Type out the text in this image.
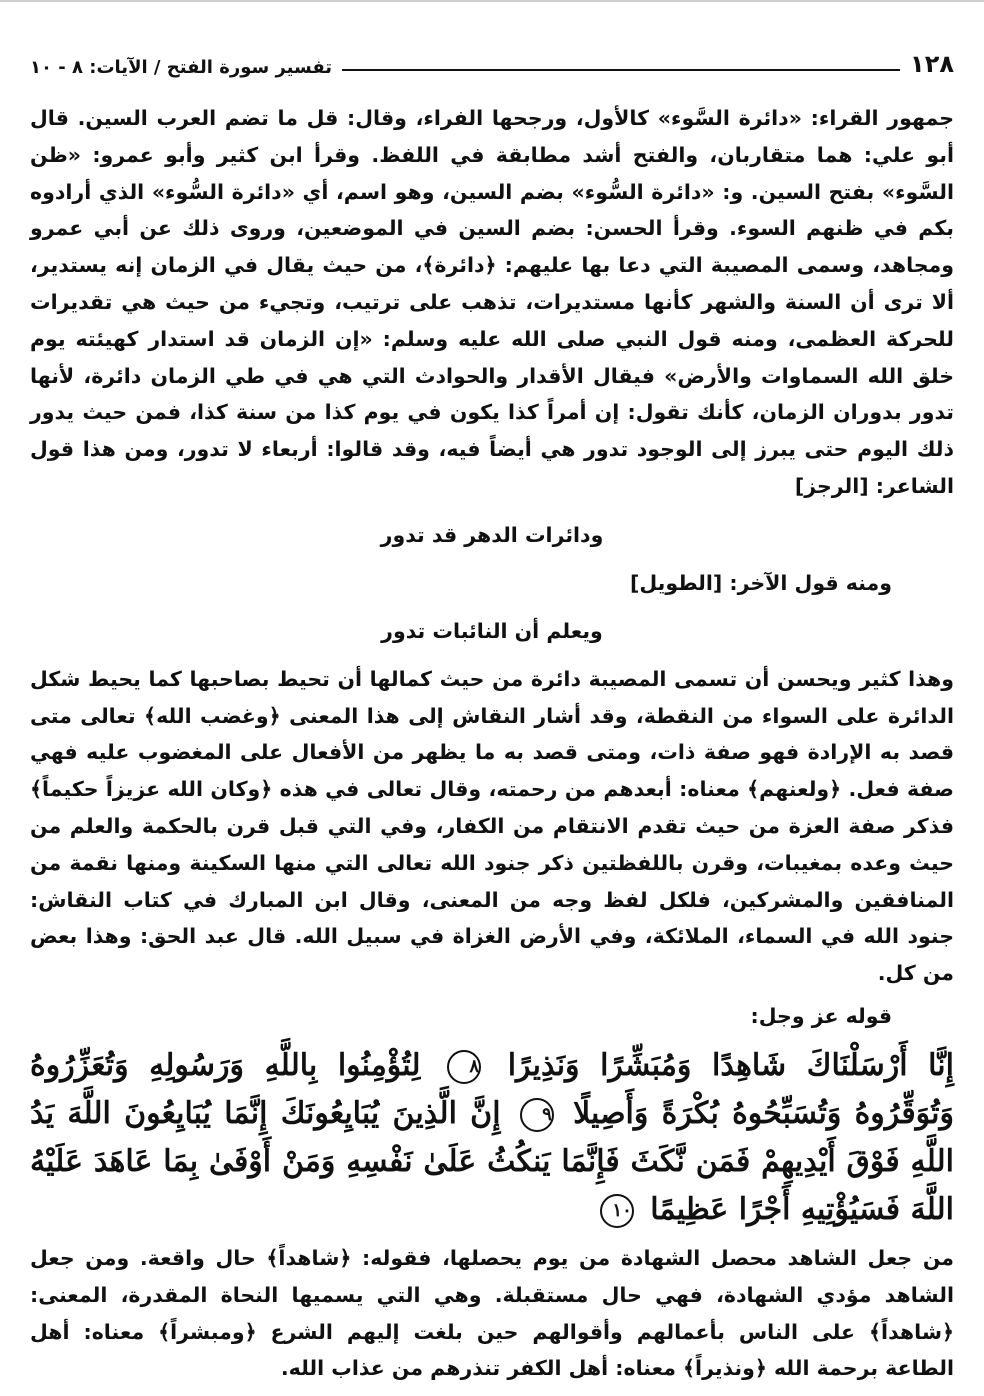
١٢٨
تفسير سورة الفتح / الآيات: ٨ - ١٠

جمهور القراء: «دائرة السَّوء» كالأول، ورجحها الفراء، وقال: قل ما تضم العرب السين. قال أبو علي: هما متقاربان، والفتح أشد مطابقة في اللفظ. وقرأ ابن كثير وأبو عمرو: «ظن السَّوء» بفتح السين. و: «دائرة السُّوء» بضم السين، وهو اسم، أي «دائرة السُّوء» الذي أرادوه بكم في ظنهم السوء. وقرأ الحسن: بضم السين في الموضعين، وروى ذلك عن أبي عمرو ومجاهد، وسمى المصيبة التي دعا بها عليهم: ﴿دائرة﴾، من حيث يقال في الزمان إنه يستدير، ألا ترى أن السنة والشهر كأنها مستديرات، تذهب على ترتيب، وتجيء من حيث هي تقديرات للحركة العظمى، ومنه قول النبي صلى الله عليه وسلم: «إن الزمان قد استدار كهيئته يوم خلق الله السماوات والأرض» فيقال الأقدار والحوادث التي هي في طي الزمان دائرة، لأنها تدور بدوران الزمان، كأنك تقول: إن أمراً كذا يكون في يوم كذا من سنة كذا، فمن حيث يدور ذلك اليوم حتى يبرز إلى الوجود تدور هي أيضاً فيه، وقد قالوا: أربعاء لا تدور، ومن هذا قول الشاعر: [الرجز]

ودائرات الدهر قد تدور
ومنه قول الآخر: [الطويل]
ويعلم أن النائبات تدور

وهذا كثير ويحسن أن تسمى المصيبة دائرة من حيث كمالها أن تحيط بصاحبها كما يحيط شكل الدائرة على السواء من النقطة، وقد أشار النقاش إلى هذا المعنى ﴿وغضب الله﴾ تعالى متى قصد به الإرادة فهو صفة ذات، ومتى قصد به ما يظهر من الأفعال على المغضوب عليه فهي صفة فعل. ﴿ولعنهم﴾ معناه: أبعدهم من رحمته، وقال تعالى في هذه ﴿وكان الله عزيزاً حكيماً﴾ فذكر صفة العزة من حيث تقدم الانتقام من الكفار، وفي التي قبل قرن بالحكمة والعلم من حيث وعده بمغيبات، وقرن باللفظتين ذكر جنود الله تعالى التي منها السكينة ومنها نقمة من المنافقين والمشركين، فلكل لفظ وجه من المعنى، وقال ابن المبارك في كتاب النقاش: جنود الله في السماء، الملائكة، وفي الأرض الغزاة في سبيل الله. قال عبد الحق: وهذا بعض من كل.

قوله عز وجل:
إِنَّا أَرْسَلْنَاكَ شَاهِدًا وَمُبَشِّرًا وَنَذِيرًا ٨ لِتُؤْمِنُوا بِاللَّهِ وَرَسُولِهِ وَتُعَزِّرُوهُ وَتُوَقِّرُوهُ وَتُسَبِّحُوهُ بُكْرَةً وَأَصِيلًا ٩ إِنَّ الَّذِينَ يُبَايِعُونَكَ إِنَّمَا يُبَايِعُونَ اللَّهَ يَدُ اللَّهِ فَوْقَ أَيْدِيهِمْ فَمَن نَّكَثَ فَإِنَّمَا يَنكُثُ عَلَىٰ نَفْسِهِ وَمَنْ أَوْفَىٰ بِمَا عَاهَدَ عَلَيْهُ اللَّهَ فَسَيُؤْتِيهِ أَجْرًا عَظِيمًا ١٠

من جعل الشاهد محصل الشهادة من يوم يحصلها، فقوله: ﴿شاهداً﴾ حال واقعة. ومن جعل الشاهد مؤدي الشهادة، فهي حال مستقبلة. وهي التي يسميها النحاة المقدرة، المعنى: ﴿شاهداً﴾ على الناس بأعمالهم وأقوالهم حين بلغت إليهم الشرع ﴿ومبشراً﴾ معناه: أهل الطاعة برحمة الله ﴿ونذيراً﴾ معناه: أهل الكفر تنذرهم من عذاب الله.
